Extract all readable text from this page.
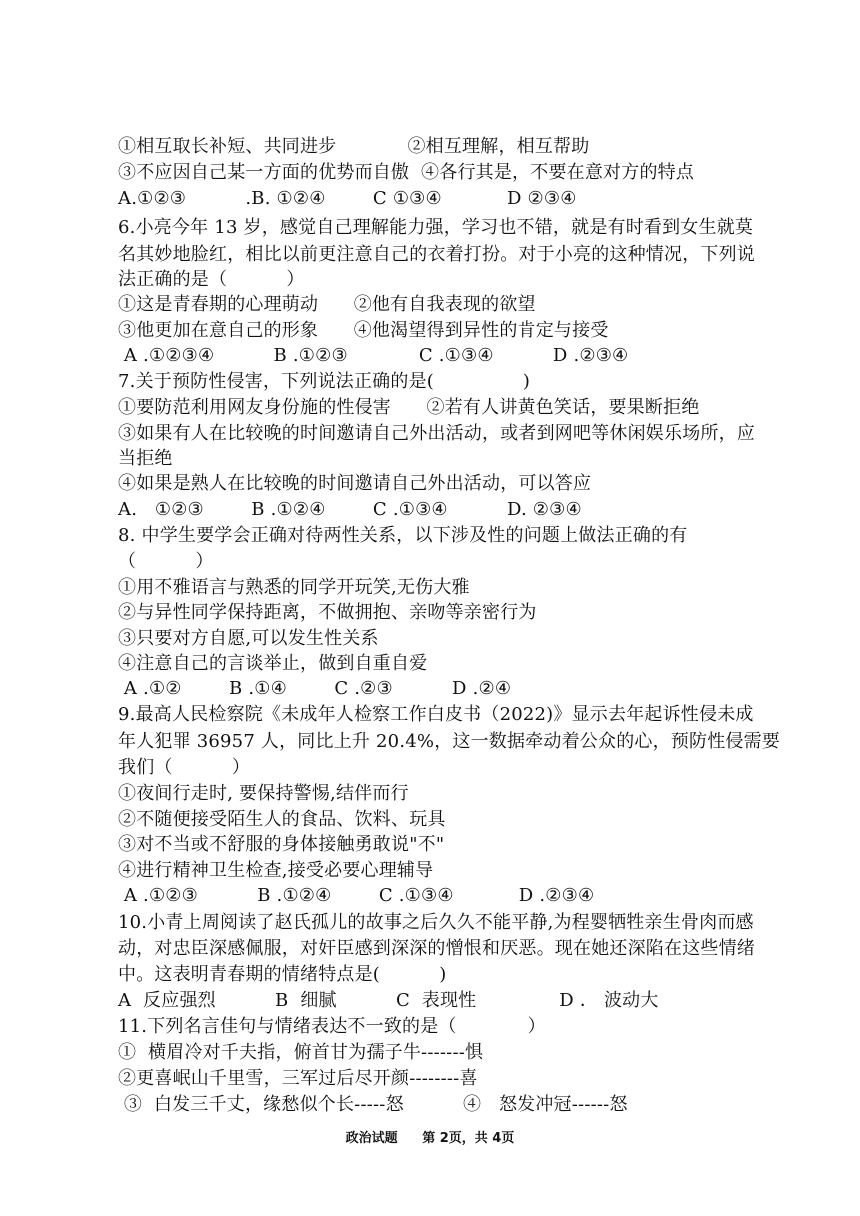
①相互取长补短、共同进步            ②相互理解，相互帮助
③不应因自己某一方面的优势而自傲  ④各行其是，不要在意对方的特点
A.①②③          .B. ①②④        C ①③④           D ②③④
6.小亮今年 13 岁，感觉自己理解能力强，学习也不错，就是有时看到女生就莫
名其妙地脸红，相比以前更注意自己的衣着打扮。对于小亮的这种情况，下列说
法正确的是（          ）
①这是青春期的心理萌动      ②他有自我表现的欲望
③他更加在意自己的形象      ④他渴望得到异性的肯定与接受
A .①②③④          B .①②③            C .①③④          D .②③④
7.关于预防性侵害，下列说法正确的是(               )
①要防范利用网友身份施的性侵害      ②若有人讲黄色笑话，要果断拒绝
③如果有人在比较晚的时间邀请自己外出活动，或者到网吧等休闲娱乐场所，应
当拒绝
④如果是熟人在比较晚的时间邀请自己外出活动，可以答应
A.   ①②③        B .①②④        C .①③④          D. ②③④
8. 中学生要学会正确对待两性关系，以下涉及性的问题上做法正确的有
（          ）
①用不雅语言与熟悉的同学开玩笑,无伤大雅
②与异性同学保持距离，不做拥抱、亲吻等亲密行为
③只要对方自愿,可以发生性关系
④注意自己的言谈举止，做到自重自爱
A .①②        B .①④        C .②③          D .②④
9.最高人民检察院《未成年人检察工作白皮书（2022)》显示去年起诉性侵未成
年人犯罪 36957 人，同比上升 20.4%，这一数据牵动着公众的心，预防性侵需要
我们（          ）
①夜间行走时, 要保持警惕,结伴而行
②不随便接受陌生人的食品、饮料、玩具
③对不当或不舒服的身体接触勇敢说"不"
④进行精神卫生检查,接受必要心理辅导
A .①②③          B .①②④        C .①③④           D .②③④
10.小青上周阅读了赵氏孤儿的故事之后久久不能平静,为程婴牺牲亲生骨肉而感
动，对忠臣深感佩服，对奸臣感到深深的憎恨和厌恶。现在她还深陷在这些情绪
中。这表明青春期的情绪特点是(          )
A  反应强烈          B  细腻          C  表现性              D ． 波动大
11.下列名言佳句与情绪表达不一致的是（            ）
①  横眉冷对千夫指，俯首甘为孺子牛-------惧
②更喜岷山千里雪，三军过后尽开颜--------喜
③  白发三千丈，缘愁似个长-----怒          ④   怒发冲冠------怒
政治试题 第 2页，共 4页
